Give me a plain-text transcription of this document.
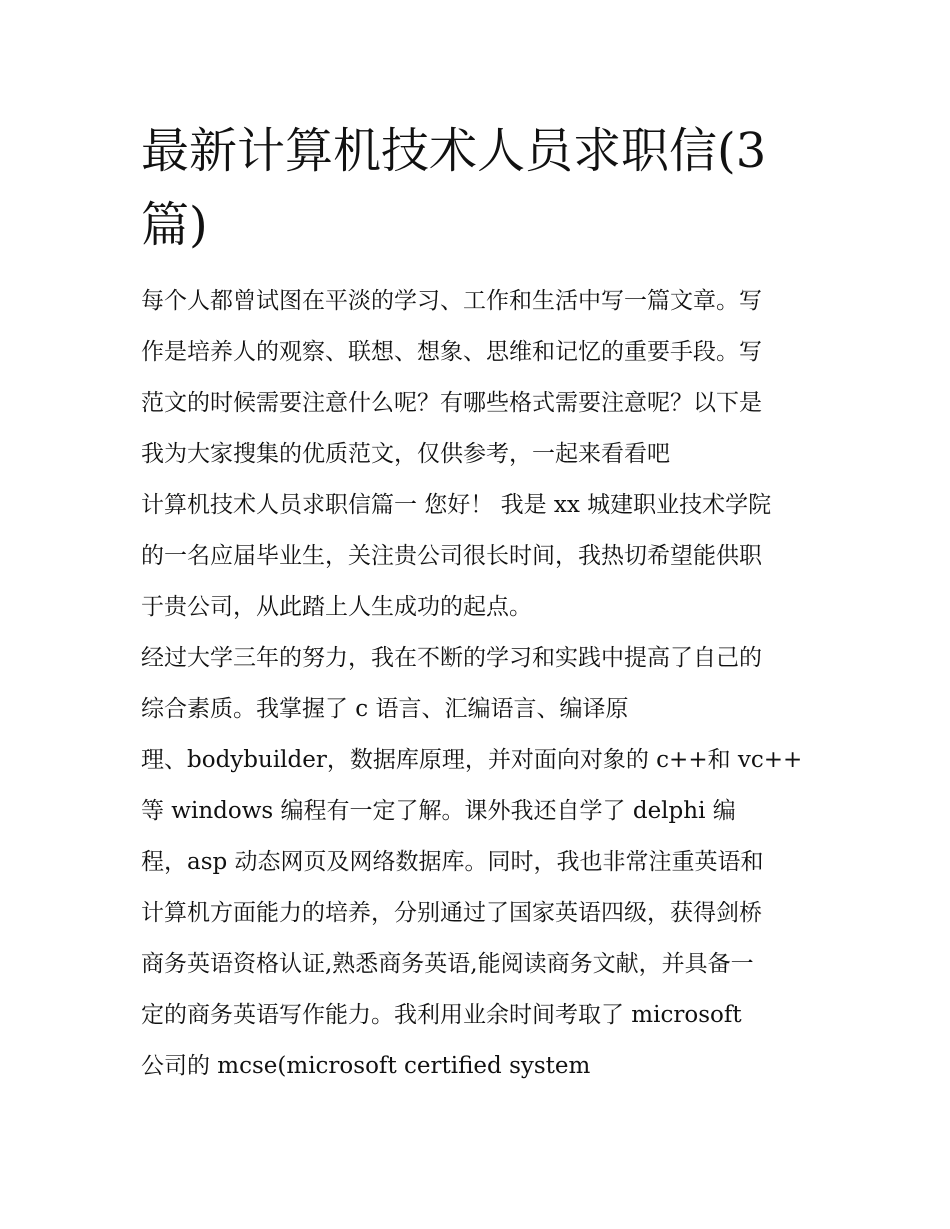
最新计算机技术人员求职信(3
篇)
每个人都曾试图在平淡的学习、工作和生活中写一篇文章。写
作是培养人的观察、联想、想象、思维和记忆的重要手段。写
范文的时候需要注意什么呢？有哪些格式需要注意呢？以下是
我为大家搜集的优质范文，仅供参考，一起来看看吧
计算机技术人员求职信篇一 您好！ 我是 xx 城建职业技术学院
的一名应届毕业生，关注贵公司很长时间，我热切希望能供职
于贵公司，从此踏上人生成功的起点。
经过大学三年的努力，我在不断的学习和实践中提高了自己的
综合素质。我掌握了 c 语言、汇编语言、编译原
理、bodybuilder，数据库原理，并对面向对象的 c++和 vc++
等 windows 编程有一定了解。课外我还自学了 delphi 编
程，asp 动态网页及网络数据库。同时，我也非常注重英语和
计算机方面能力的培养，分别通过了国家英语四级，获得剑桥
商务英语资格认证,熟悉商务英语,能阅读商务文献，并具备一
定的商务英语写作能力。我利用业余时间考取了 microsoft
公司的 mcse(microsoft certified system
